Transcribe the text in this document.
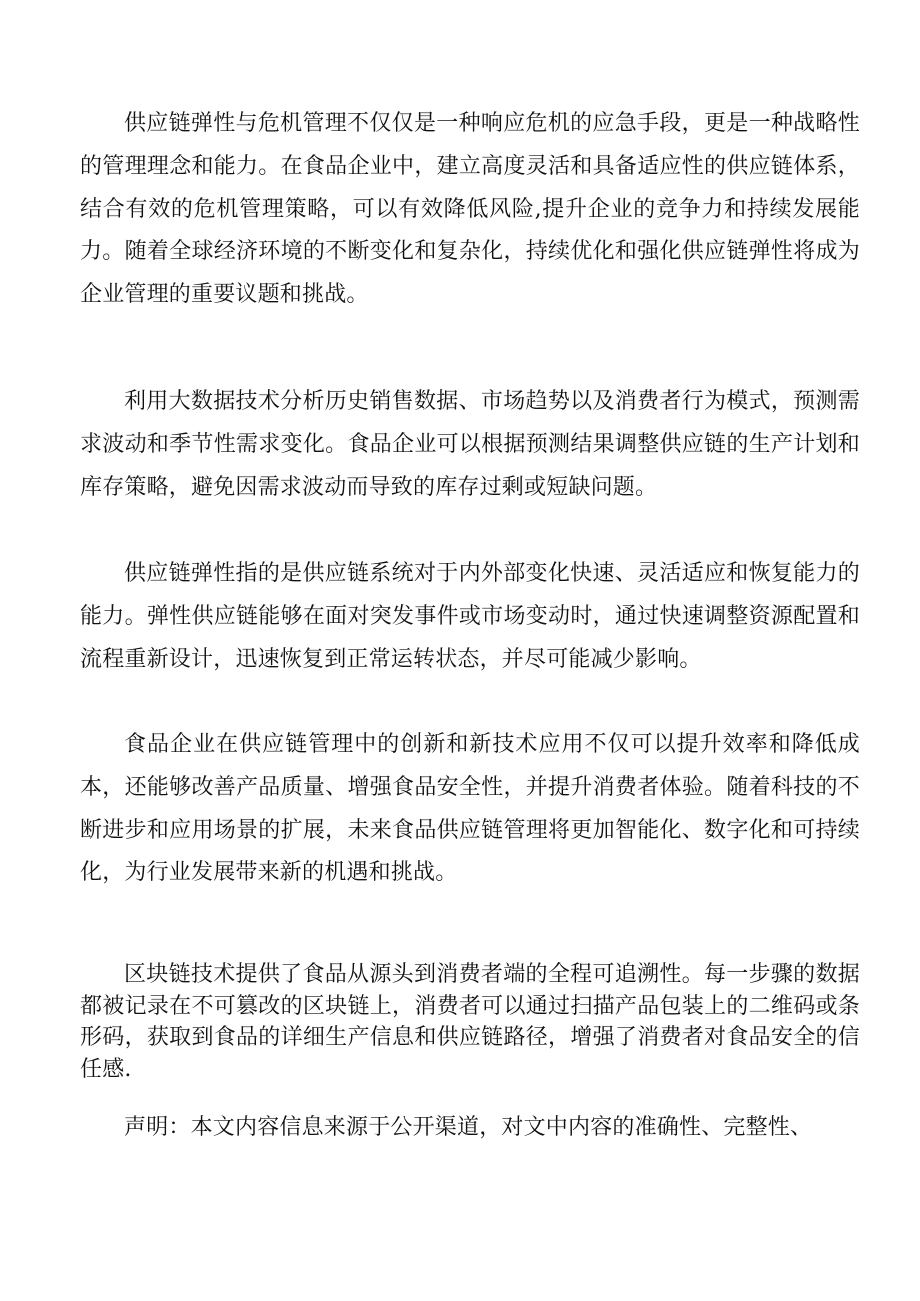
供应链弹性与危机管理不仅仅是一种响应危机的应急手段，更是一种战略性的管理理念和能力。在食品企业中，建立高度灵活和具备适应性的供应链体系，结合有效的危机管理策略，可以有效降低风险,提升企业的竞争力和持续发展能力。随着全球经济环境的不断变化和复杂化，持续优化和强化供应链弹性将成为企业管理的重要议题和挑战。

利用大数据技术分析历史销售数据、市场趋势以及消费者行为模式，预测需求波动和季节性需求变化。食品企业可以根据预测结果调整供应链的生产计划和库存策略，避免因需求波动而导致的库存过剩或短缺问题。

供应链弹性指的是供应链系统对于内外部变化快速、灵活适应和恢复能力的能力。弹性供应链能够在面对突发事件或市场变动时，通过快速调整资源配置和流程重新设计，迅速恢复到正常运转状态，并尽可能减少影响。

食品企业在供应链管理中的创新和新技术应用不仅可以提升效率和降低成本，还能够改善产品质量、增强食品安全性，并提升消费者体验。随着科技的不断进步和应用场景的扩展，未来食品供应链管理将更加智能化、数字化和可持续化，为行业发展带来新的机遇和挑战。

区块链技术提供了食品从源头到消费者端的全程可追溯性。每一步骤的数据都被记录在不可篡改的区块链上，消费者可以通过扫描产品包装上的二维码或条形码，获取到食品的详细生产信息和供应链路径，增强了消费者对食品安全的信任感.

声明：本文内容信息来源于公开渠道，对文中内容的准确性、完整性、
